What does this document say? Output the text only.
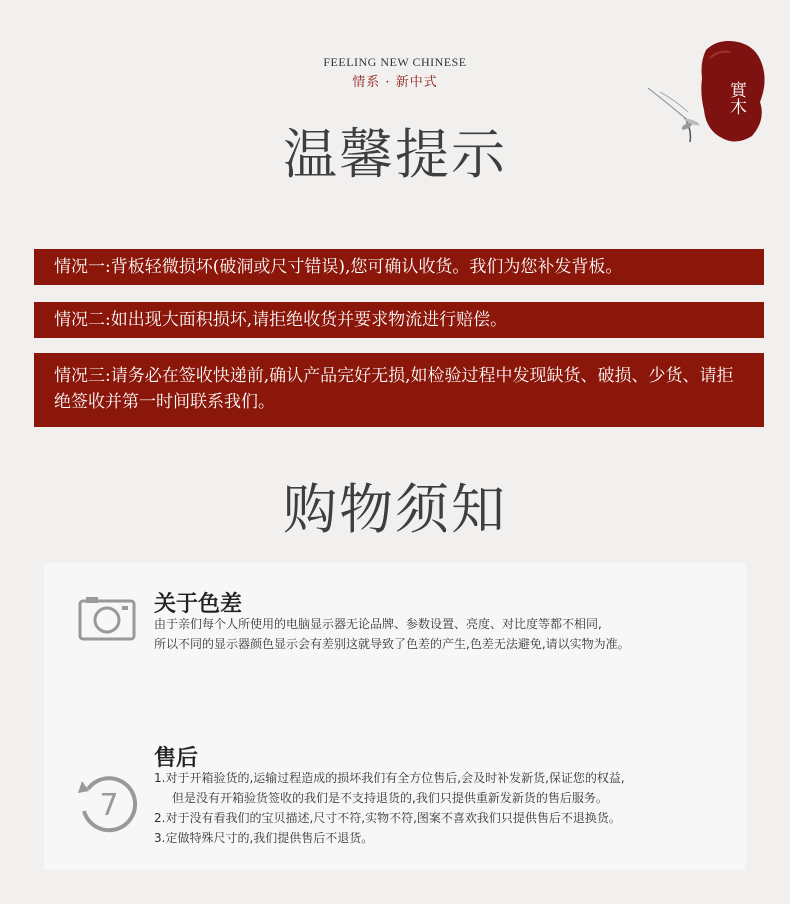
FEELING NEW CHINESE
情系 · 新中式	實木
温馨提示
情况一:背板轻微损坏(破洞或尺寸错误),您可确认收货。我们为您补发背板。
情况二:如出现大面积损坏,请拒绝收货并要求物流进行赔偿。
情况三:请务必在签收快递前,确认产品完好无损,如检验过程中发现缺货、破损、少货、请拒绝签收并第一时间联系我们。
购物须知
关于色差

由于亲们每个人所使用的电脑显示器无论品牌、参数设置、亮度、对比度等都不相同,

所以不同的显示器颜色显示会有差别这就导致了色差的产生,色差无法避免,请以实物为准。

7
售后

1.对于开箱验货的,运输过程造成的损坏我们有全方位售后,会及时补发新货,保证您的权益,

但是没有开箱验货签收的我们是不支持退货的,我们只提供重新发新货的售后服务。

2.对于没有看我们的宝贝描述,尺寸不符,实物不符,图案不喜欢我们只提供售后不退换货。

3.定做特殊尺寸的,我们提供售后不退货。
